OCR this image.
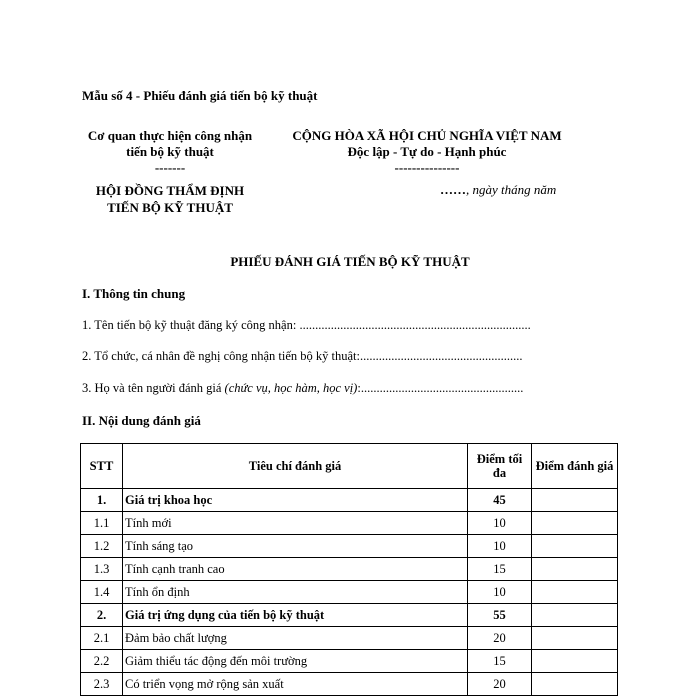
Mẫu số 4 - Phiếu đánh giá tiến bộ kỹ thuật
Cơ quan thực hiện công nhận
tiến bộ kỹ thuật
-------
CỘNG HÒA XÃ HỘI CHỦ NGHĨA VIỆT NAM
Độc lập - Tự do - Hạnh phúc
---------------
HỘI ĐỒNG THẨM ĐỊNH
TIẾN BỘ KỸ THUẬT
……, ngày tháng năm
PHIẾU ĐÁNH GIÁ TIẾN BỘ KỸ THUẬT
I. Thông tin chung
1. Tên tiến bộ kỹ thuật đăng ký công nhận: ..........................................................................
2. Tổ chức, cá nhân đề nghị công nhận tiến bộ kỹ thuật:....................................................
3. Họ và tên người đánh giá (chức vụ, học hàm, học vị):....................................................
II. Nội dung đánh giá
STT	Tiêu chí đánh giá	Điểm tối đa	Điểm đánh giá
1.	Giá trị khoa học	45	
1.1	Tính mới	10	
1.2	Tính sáng tạo	10	
1.3	Tính cạnh tranh cao	15	
1.4	Tính ổn định	10	
2.	Giá trị ứng dụng của tiến bộ kỹ thuật	55	
2.1	Đảm bảo chất lượng	20	
2.2	Giảm thiểu tác động đến môi trường	15	
2.3	Có triển vọng mở rộng sản xuất	20	
